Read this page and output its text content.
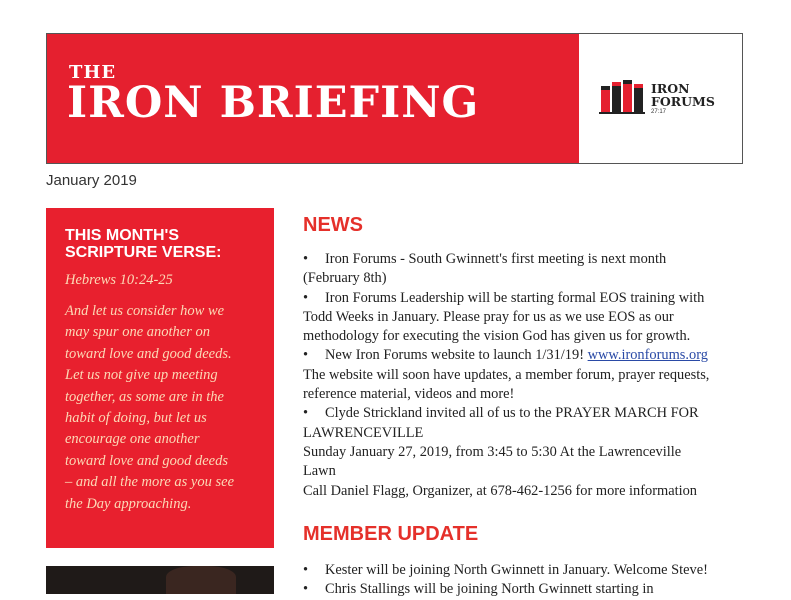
THE
IRON BRIEFING	IRON
FORUMS
27:17
January 2019

THIS MONTH'S
SCRIPTURE VERSE:

Hebrews 10:24-25
And let us consider how we
may spur one another on
toward love and good deeds.
Let us not give up meeting
together, as some are in the
habit of doing, but let us
encourage one another
toward love and good deeds
– and all the more as you see
the Day approaching.
NEWS
• Iron Forums - South Gwinnett's first meeting is next month
(February 8th)
• Iron Forums Leadership will be starting formal EOS training with
Todd Weeks in January. Please pray for us as we use EOS as our
methodology for executing the vision God has given us for growth.
• New Iron Forums website to launch 1/31/19! www.ironforums.org
The website will soon have updates, a member forum, prayer requests,
reference material, videos and more!
• Clyde Strickland invited all of us to the PRAYER MARCH FOR
LAWRENCEVILLE
Sunday January 27, 2019, from 3:45 to 5:30 At the Lawrenceville
Lawn
Call Daniel Flagg, Organizer, at 678-462-1256 for more information
MEMBER UPDATE
• Kester will be joining North Gwinnett in January. Welcome Steve!
• Chris Stallings will be joining North Gwinnett starting in
